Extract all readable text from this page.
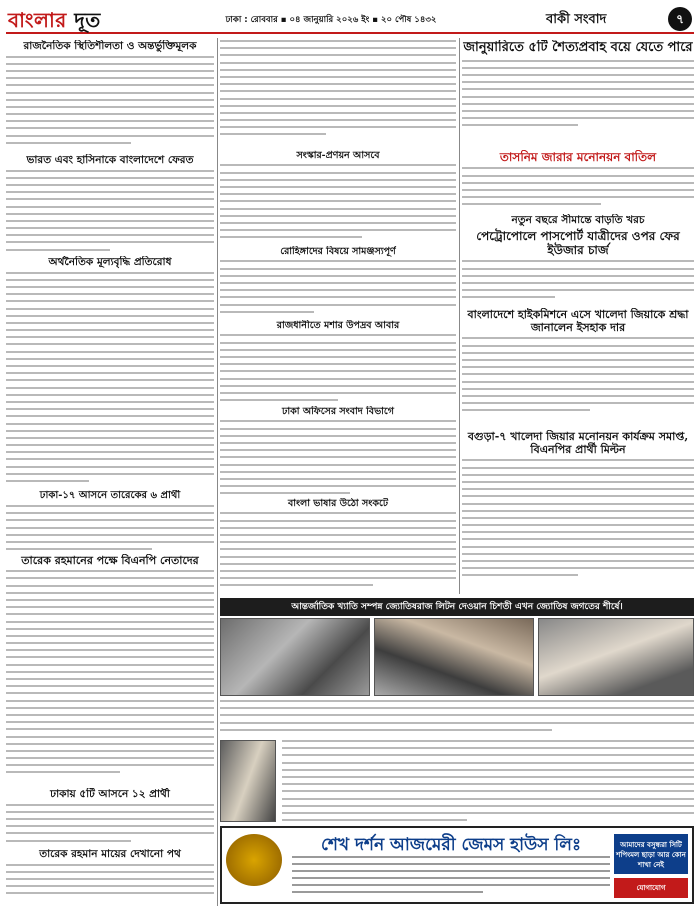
বাংলার দূত	ঢাকা : রোববার ▪ ০৪ জানুয়ারি ২০২৬ ইং ▪ ২০ পৌষ ১৪৩২	বাকী সংবাদ	৭
রাজনৈতিক স্থিতিশীলতা ও অন্তর্ভুক্তিমূলক
ভারত এবং হাসিনাকে বাংলাদেশে ফেরত
অর্থনৈতিক মূল্যবৃদ্ধি প্রতিরোধ
ঢাকা-১৭ আসনে তারেকের ৬ প্রার্থী
তারেক রহমানের পক্ষে বিএনপি নেতাদের
ঢাকায় ৫টি আসনে ১২ প্রার্থী
তারেক রহমান মায়ের দেখানো পথ
সংস্কার-প্রণয়ন আসবে
রোহিঙ্গাদের বিষয়ে সামঞ্জস্যপূর্ণ
রাজধানীতে মশার উপদ্রব আবার
ঢাকা অফিসের সংবাদ বিভাগে
বাংলা ভাষার উঠো সংকটে
জানুয়ারিতে ৫টি শৈত্যপ্রবাহ বয়ে যেতে পারে
তাসনিম জারার মনোনয়ন বাতিল
নতুন বছরে সীমান্তে বাড়তি খরচ
পেট্রোপোলে পাসপোর্ট যাত্রীদের ওপর ফের ইউজার চার্জ
বাংলাদেশে হাইকমিশনে এসে খালেদা জিয়াকে শ্রদ্ধা জানালেন ইসহাক দার
বগুড়া-৭ খালেদা জিয়ার মনোনয়ন কার্যক্রম সমাপ্ত, বিএনপির প্রার্থী মিল্টন
আন্তর্জাতিক খ্যাতি সম্পন্ন জ্যোতিষরাজ লিটন দেওয়ান চিশতী এখন জ্যোতিষ জগতের শীর্ষে।
শেখ দর্শন আজমেরী জেমস হাউস লিঃ	আমাদের বসুন্ধরা সিটি শপিংমল ছাড়া আর কোন শাখা নেই
যোগাযোগ
